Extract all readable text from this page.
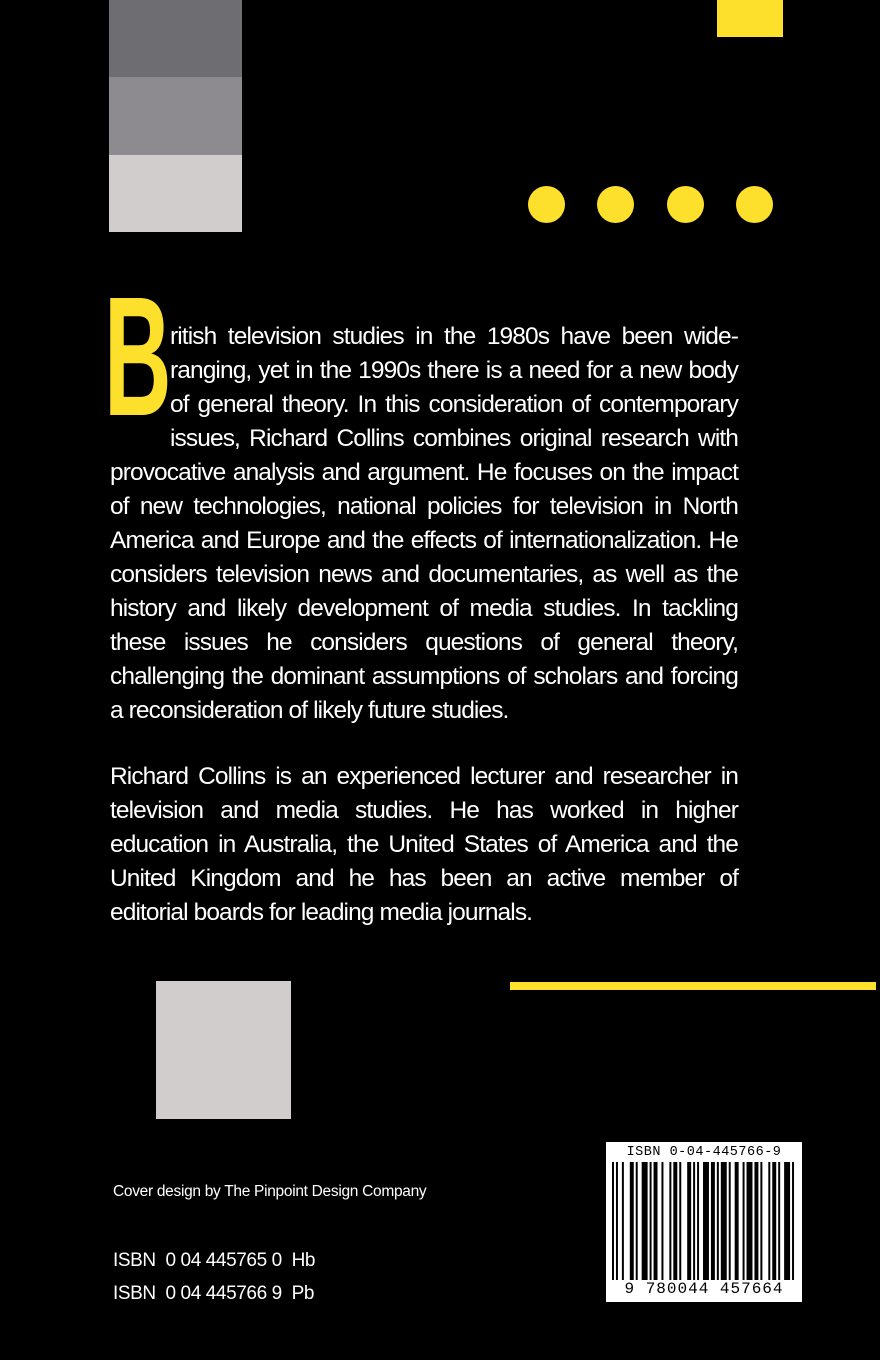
B
ritish television studies in the 1980s have been wide-ranging, yet in the 1990s there is a need for a new body of general theory. In this consideration of contemporary issues, Richard Collins combines original research with provocative analysis and argument. He focuses on the impact of new technologies, national policies for television in North America and Europe and the effects of internationalization. He considers television news and documentaries, as well as the history and likely development of media studies. In tackling these issues he considers questions of general theory, challenging the dominant assumptions of scholars and forcing a reconsideration of likely future studies.

Richard Collins is an experienced lecturer and researcher in television and media studies. He has worked in higher education in Australia, the United States of America and the United Kingdom and he has been an active member of editorial boards for leading media journals.

Cover design by The Pinpoint Design Company
ISBN  0 04 445765 0  Hb
ISBN  0 04 445766 9  Pb
ISBN 0-04-445766-9
9 780044 457664
